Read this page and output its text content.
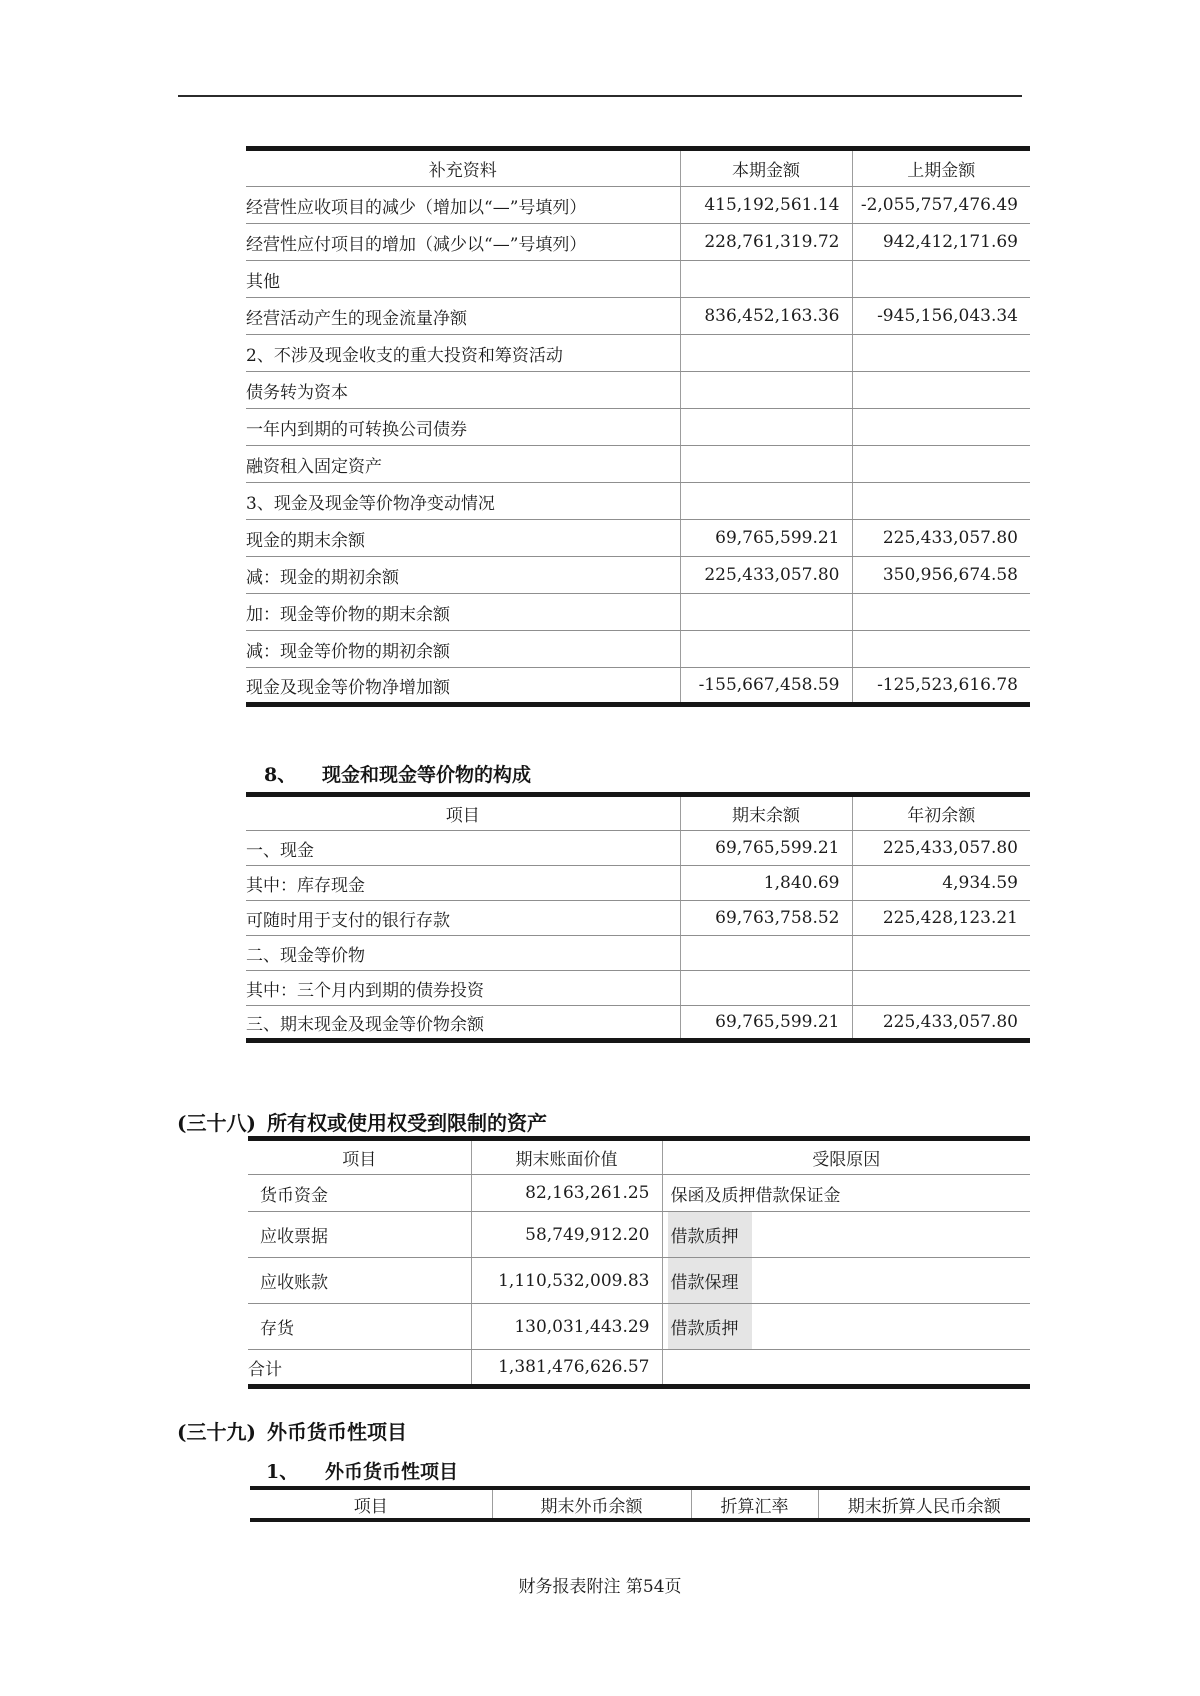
补充资料	本期金额	上期金额
经营性应收项目的减少（增加以“—”号填列）	415,192,561.14	-2,055,757,476.49
经营性应付项目的增加（减少以“—”号填列）	228,761,319.72	942,412,171.69
其他		
经营活动产生的现金流量净额	836,452,163.36	-945,156,043.34
2、不涉及现金收支的重大投资和筹资活动		
债务转为资本		
一年内到期的可转换公司债券		
融资租入固定资产		
3、现金及现金等价物净变动情况		
现金的期末余额	69,765,599.21	225,433,057.80
减：现金的期初余额	225,433,057.80	350,956,674.58
加：现金等价物的期末余额		
减：现金等价物的期初余额		
现金及现金等价物净增加额	-155,667,458.59	-125,523,616.78
8、 现金和现金等价物的构成
项目	期末余额	年初余额
一、现金	69,765,599.21	225,433,057.80
其中：库存现金	1,840.69	4,934.59
可随时用于支付的银行存款	69,763,758.52	225,428,123.21
二、现金等价物		
其中：三个月内到期的债券投资		
三、期末现金及现金等价物余额	69,765,599.21	225,433,057.80
(三十八) 所有权或使用权受到限制的资产
项目	期末账面价值	受限原因
货币资金	82,163,261.25	保函及质押借款保证金
应收票据	58,749,912.20	借款质押
应收账款	1,110,532,009.83	借款保理
存货	130,031,443.29	借款质押
合计	1,381,476,626.57	
(三十九) 外币货币性项目
1、 外币货币性项目
项目	期末外币余额	折算汇率	期末折算人民币余额
财务报表附注 第54页
